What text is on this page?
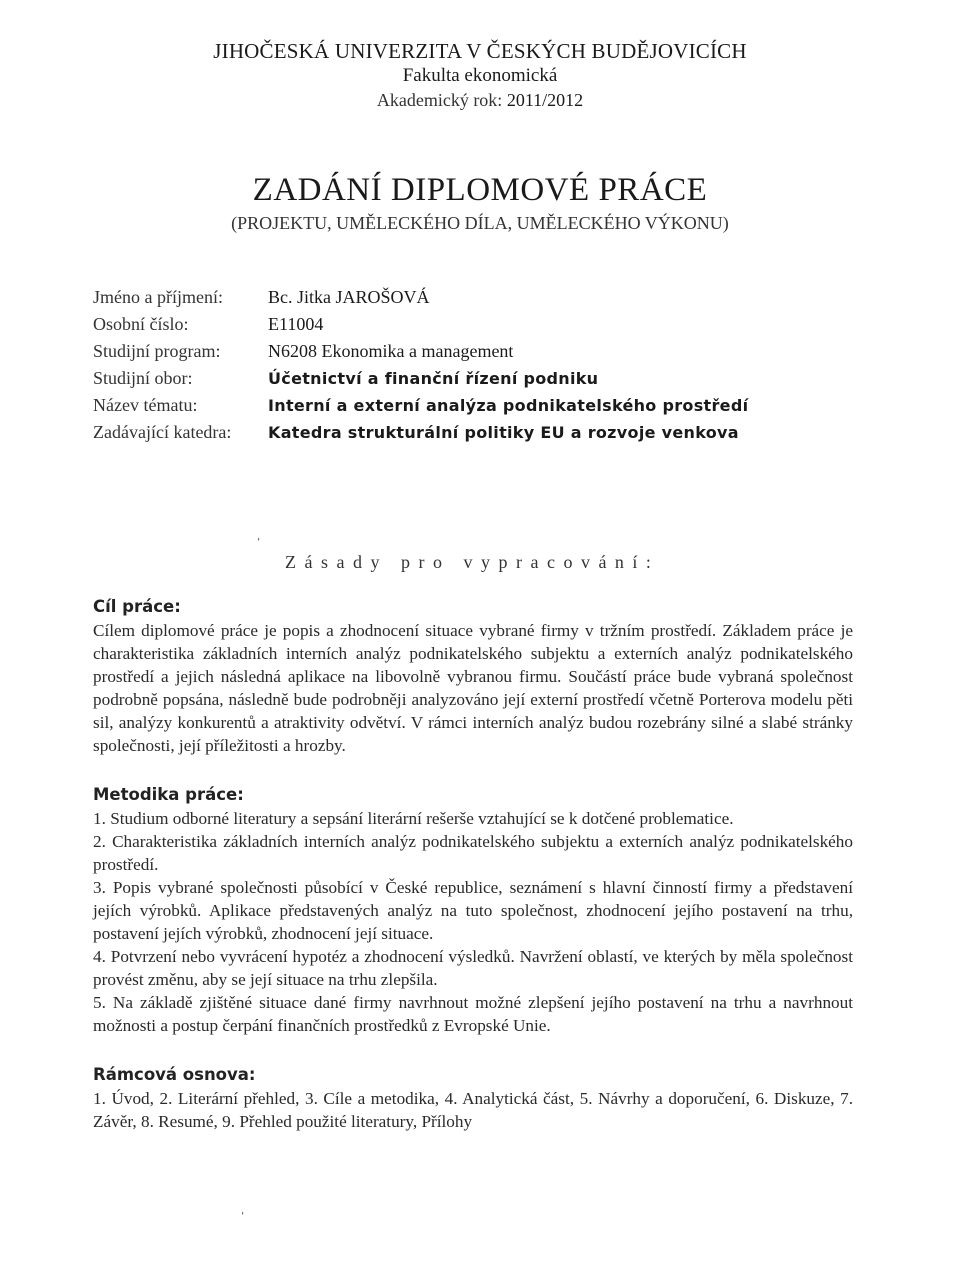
JIHOČESKÁ UNIVERZITA V ČESKÝCH BUDĚJOVICÍCH
Fakulta ekonomická
Akademický rok: 2011/2012
ZADÁNÍ DIPLOMOVÉ PRÁCE
(PROJEKTU, UMĚLECKÉHO DÍLA, UMĚLECKÉHO VÝKONU)
Jméno a příjmení:	Bc. Jitka JAROŠOVÁ
Osobní číslo:	E11004
Studijní program:	N6208 Ekonomika a management
Studijní obor:	Účetnictví a finanční řízení podniku
Název tématu:	Interní a externí analýza podnikatelského prostředí
Zadávající katedra: Katedra strukturální politiky EU a rozvoje venkova
Zásady pro vypracování:
Cíl práce:

Cílem diplomové práce je popis a zhodnocení situace vybrané firmy v tržním prostředí. Základem práce je charakteristika základních interních analýz podnikatelského subjektu a externích analýz podnikatelského prostředí a jejich následná aplikace na libovolně vybranou firmu. Součástí práce bude vybraná společnost podrobně popsána, následně bude podrobněji analyzováno její externí prostředí včetně Porterova modelu pěti sil, analýzy konkurentů a atraktivity odvětví. V rámci interních analýz budou rozebrány silné a slabé stránky společnosti, její příležitosti a hrozby.

Metodika práce:

1. Studium odborné literatury a sepsání literární rešerše vztahující se k dotčené problematice.

2. Charakteristika základních interních analýz podnikatelského subjektu a externích analýz podnikatelského prostředí.

3. Popis vybrané společnosti působící v České republice, seznámení s hlavní činností firmy a představení jejích výrobků. Aplikace představených analýz na tuto společnost, zhodnocení jejího postavení na trhu, postavení jejích výrobků, zhodnocení její situace.

4. Potvrzení nebo vyvrácení hypotéz a zhodnocení výsledků. Navržení oblastí, ve kterých by měla společnost provést změnu, aby se její situace na trhu zlepšila.

5. Na základě zjištěné situace dané firmy navrhnout možné zlepšení jejího postavení na trhu a navrhnout možnosti a postup čerpání finančních prostředků z Evropské Unie.

Rámcová osnova:

1. Úvod, 2. Literární přehled, 3. Cíle a metodika, 4. Analytická část, 5. Návrhy a doporučení, 6. Diskuze, 7. Závěr, 8. Resumé, 9. Přehled použité literatury, Přílohy

ˈ
ˈ
